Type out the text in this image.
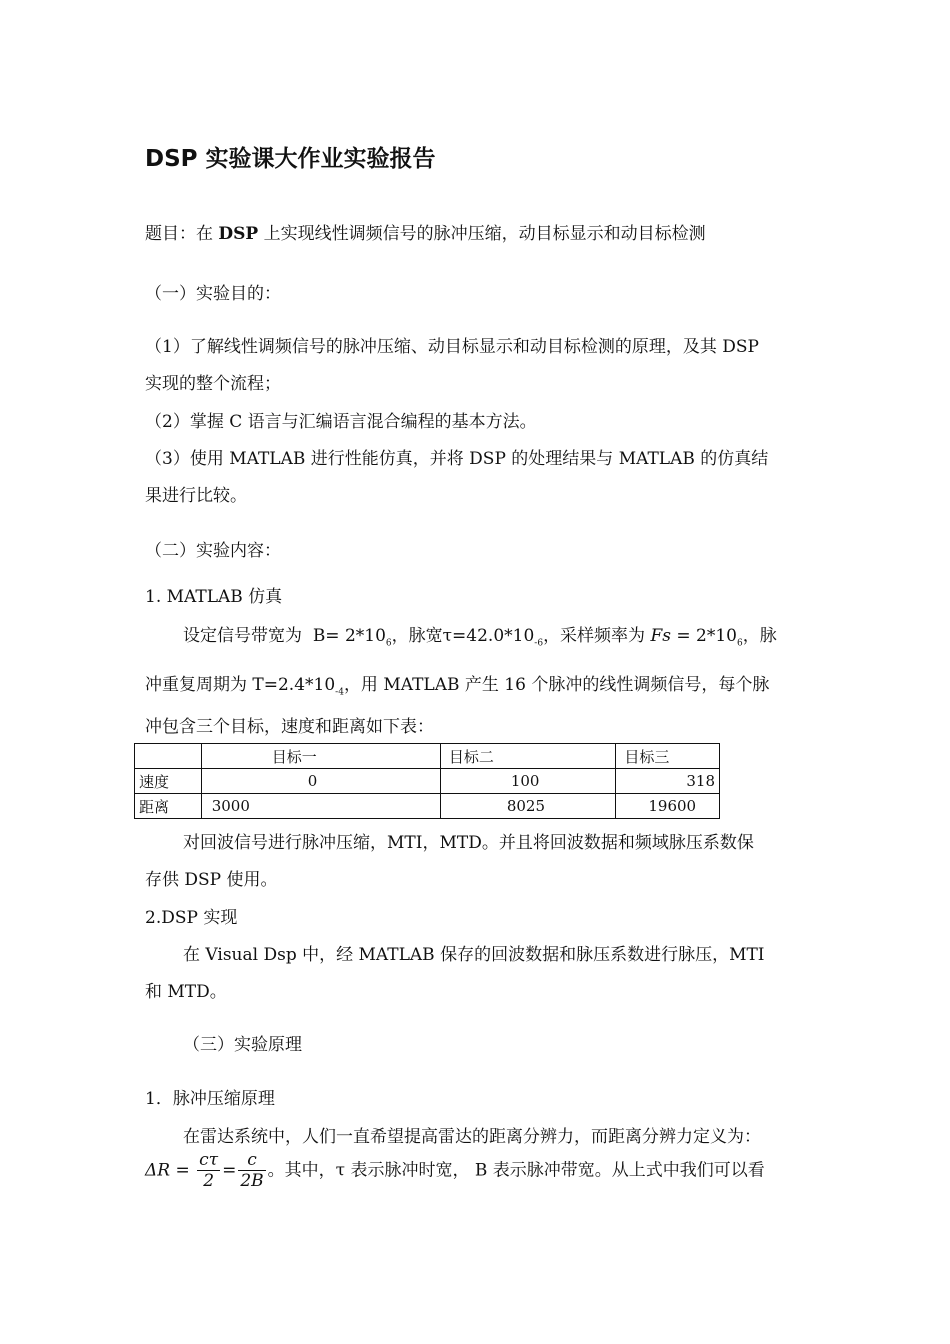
DSP 实验课大作业实验报告
题目：在 DSP 上实现线性调频信号的脉冲压缩，动目标显示和动目标检测
（一）实验目的：
（1）了解线性调频信号的脉冲压缩、动目标显示和动目标检测的原理，及其 DSP
实现的整个流程；
（2）掌握 C 语言与汇编语言混合编程的基本方法。
（3）使用 MATLAB 进行性能仿真，并将 DSP 的处理结果与 MATLAB 的仿真结
果进行比较。
（二）实验内容：
1. MATLAB 仿真
设定信号带宽为 $B= 2*10_6$，脉宽$\tau=42.0*10_{-6}$，采样频率为 $Fs = 2*10_6$，脉
冲重复周期为 $T=2.4*10_{-4}$，用 MATLAB 产生 16 个脉冲的线性调频信号，每个脉
冲包含三个目标，速度和距离如下表：
	目标一	目标二	目标三
速度	0	100	318
距离	3000	8025	19600
对回波信号进行脉冲压缩，MTI，MTD。并且将回波数据和频域脉压系数保
存供 DSP 使用。
2.DSP 实现
在 Visual Dsp 中，经 MATLAB 保存的回波数据和脉压系数进行脉压，MTI
和 MTD。
（三）实验原理
1．脉冲压缩原理
在雷达系统中，人们一直希望提高雷达的距离分辨力，而距离分辨力定义为：
$\Delta R = \frac{c\tau}{2} = \frac{c}{2B}$ 。其中，τ 表示脉冲时宽， B 表示脉冲带宽。从上式中我们可以看
